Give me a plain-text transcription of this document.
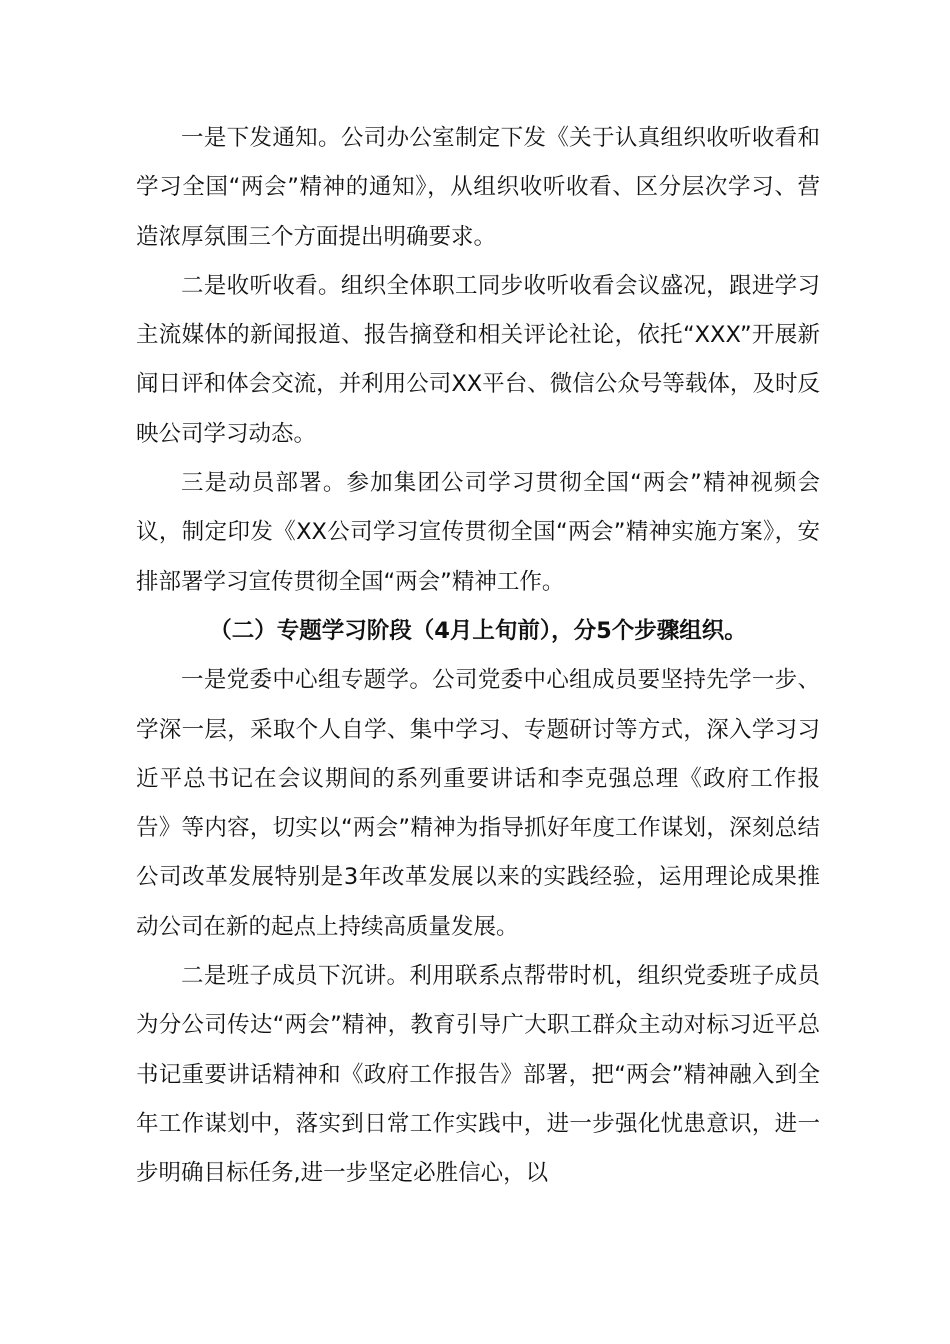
一是下发通知。公司办公室制定下发《关于认真组织收听收看和学习全国“两会”精神的通知》，从组织收听收看、区分层次学习、营造浓厚氛围三个方面提出明确要求。

二是收听收看。组织全体职工同步收听收看会议盛况，跟进学习主流媒体的新闻报道、报告摘登和相关评论社论，依托“XXX”开展新闻日评和体会交流，并利用公司XX平台、微信公众号等载体，及时反映公司学习动态。

三是动员部署。参加集团公司学习贯彻全国“两会”精神视频会议，制定印发《XX公司学习宣传贯彻全国“两会”精神实施方案》，安排部署学习宣传贯彻全国“两会”精神工作。

（二）专题学习阶段（4月上旬前），分5个步骤组织。

一是党委中心组专题学。公司党委中心组成员要坚持先学一步、学深一层，采取个人自学、集中学习、专题研讨等方式，深入学习习近平总书记在会议期间的系列重要讲话和李克强总理《政府工作报告》等内容，切实以“两会”精神为指导抓好年度工作谋划，深刻总结公司改革发展特别是3年改革发展以来的实践经验，运用理论成果推动公司在新的起点上持续高质量发展。

二是班子成员下沉讲。利用联系点帮带时机，组织党委班子成员为分公司传达“两会”精神，教育引导广大职工群众主动对标习近平总书记重要讲话精神和《政府工作报告》部署，把“两会”精神融入到全年工作谋划中，落实到日常工作实践中，进一步强化忧患意识，进一步明确目标任务,进一步坚定必胜信心，以
